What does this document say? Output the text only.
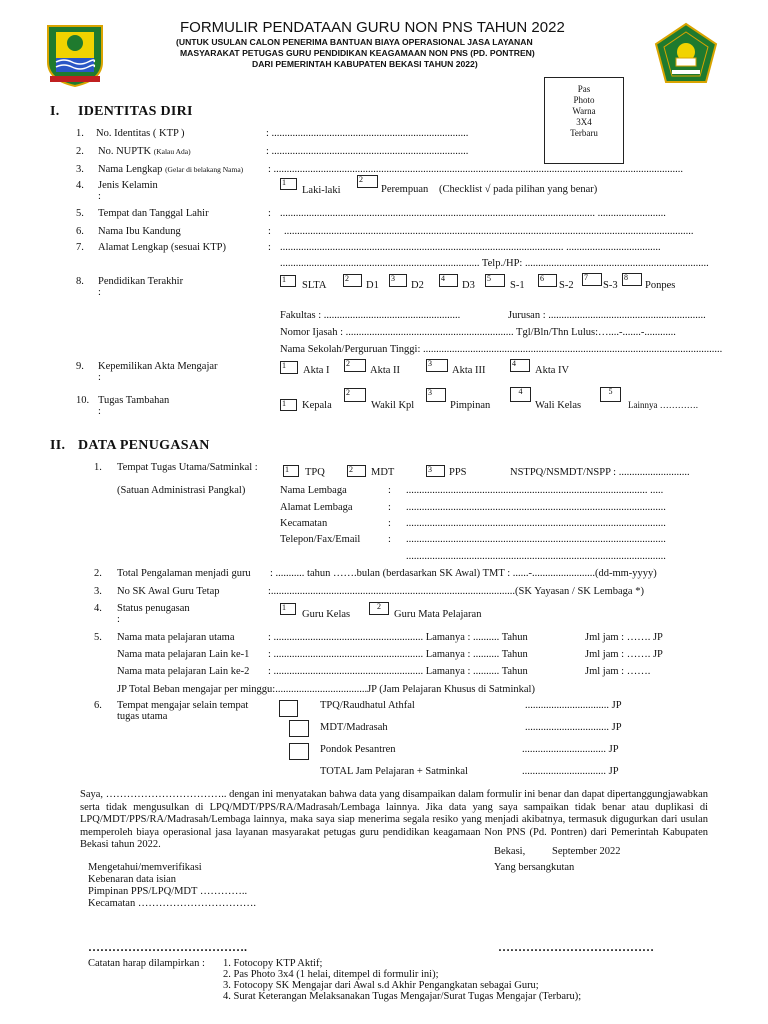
FORMULIR PENDATAAN GURU NON PNS TAHUN 2022
(UNTUK USULAN CALON PENERIMA BANTUAN BIAYA OPERASIONAL JASA LAYANAN
MASYARAKAT PETUGAS GURU PENDIDIKAN KEAGAMAAN NON PNS (PD. PONTREN)
DARI PEMERINTAH KABUPATEN BEKASI TAHUN 2022)
Pas
Photo
Warna
3X4
Terbaru
I. IDENTITAS DIRI
1. No. Identitas ( KTP )	: ...........................................................................
2. No. NUPTK (Kalau Ada)	: ...........................................................................
3. Nama Lengkap (Gelar di belakang Nama) : ............................................................................................................................................................
4. Jenis Kelamin
:
1
Laki-laki
2
Perempuan (Checklist √ pada pilihan yang benar)
5. Tempat dan Tanggal Lahir	: ........................................................................................................................ ..........................
6. Nama Ibu Kandung	: ............................................................................................................................................................
7. Alamat Lengkap (sesuai KTP)	: ............................................................................................................ ....................................
............................................................................ Telp./HP: ......................................................................
8. Pendidikan Terakhir
:
1
SLTA
2
D1
3
D2
4
D3
5
S-1
6
S-2
7
S-3
8
Ponpes
Fakultas : ....................................................	Jurusan : ............................................................
Nomor Ijasah : ................................................................ Tgl/Bln/Thn Lulus:…....-.......-............
Nama Sekolah/Perguruan Tinggi: ..................................................................................................................
9. Kepemilikan Akta Mengajar
:
1	Akta I
2
Akta II
3
Akta III
4
Akta IV
10. Tugas Tambahan
:
1	Kepala
2
Wakil Kpl
3
Pimpinan
4
Wali Kelas
5
Lainnya ………….
II. DATA PENUGASAN
1. Tempat Tugas Utama/Satminkal :	1	TPQ	2	MDT	3	PPS	NSTPQ/NSMDT/NSPP : ...........................
(Satuan Administrasi Pangkal)	Nama Lembaga	: ............................................................................................ .....
Alamat Lembaga	: ...................................................................................................
Kecamatan	: ...................................................................................................
Telepon/Fax/Email	: ...................................................................................................
...................................................................................................
2. Total Pengalaman menjadi guru : ........... tahun …….bulan (berdasarkan SK Awal) TMT : ......-........................(dd-mm-yyyy)
3. No SK Awal Guru Tetap	:.............................................................................................(SK Yayasan / SK Lembaga *)
4. Status penugasan
:
1
Guru Kelas
2
Guru Mata Pelajaran
5. Nama mata pelajaran utama	: ......................................................... Lamanya : .......... Tahun	Jml jam : ……. JP
Nama mata pelajaran Lain ke-1 : ......................................................... Lamanya : .......... Tahun	Jml jam : ……. JP
Nama mata pelajaran Lain ke-2 : ......................................................... Lamanya : .......... Tahun	Jml jam : …….
JP Total Beban mengajar per minggu:...................................JP (Jam Pelajaran Khusus di Satminkal)
6. Tempat mengajar selain tempat
tugas utama
TPQ/Raudhatul Athfal	................................ JP
MDT/Madrasah	................................ JP
Pondok Pesantren	................................ JP
TOTAL Jam Pelajaran + Satminkal	................................ JP
Saya, …………………………….. dengan ini menyatakan bahwa data yang disampaikan dalam formulir ini benar dan dapat dipertanggungjawabkan serta tidak mengusulkan di LPQ/MDT/PPS/RA/Madrasah/Lembaga lainnya. Jika data yang saya sampaikan tidak benar atau duplikasi di LPQ/MDT/PPS/RA/Madrasah/Lembaga lainnya, maka saya siap menerima segala resiko yang menjadi akibatnya, termasuk digugurkan dari usulan memperoleh biaya operasional jasa layanan masyarakat petugas guru pendidikan keagamaan Non PNS (Pd. Pontren) dari Pemerintah Kabupaten Bekasi tahun 2022.
Bekasi,	September 2022
Yang bersangkutan
Mengetahui/memverifikasi
Kebenaran data isian
Pimpinan PPS/LPQ/MDT …………..
Kecamatan …………………………….
………………………………….	…………………………………
Catatan harap dilampirkan : 1. Fotocopy KTP Aktif;
2. Pas Photo 3x4 (1 helai, ditempel di formulir ini);
3. Fotocopy SK Mengajar dari Awal s.d Akhir Pengangkatan sebagai Guru;
4. Surat Keterangan Melaksanakan Tugas Mengajar/Surat Tugas Mengajar (Terbaru);
